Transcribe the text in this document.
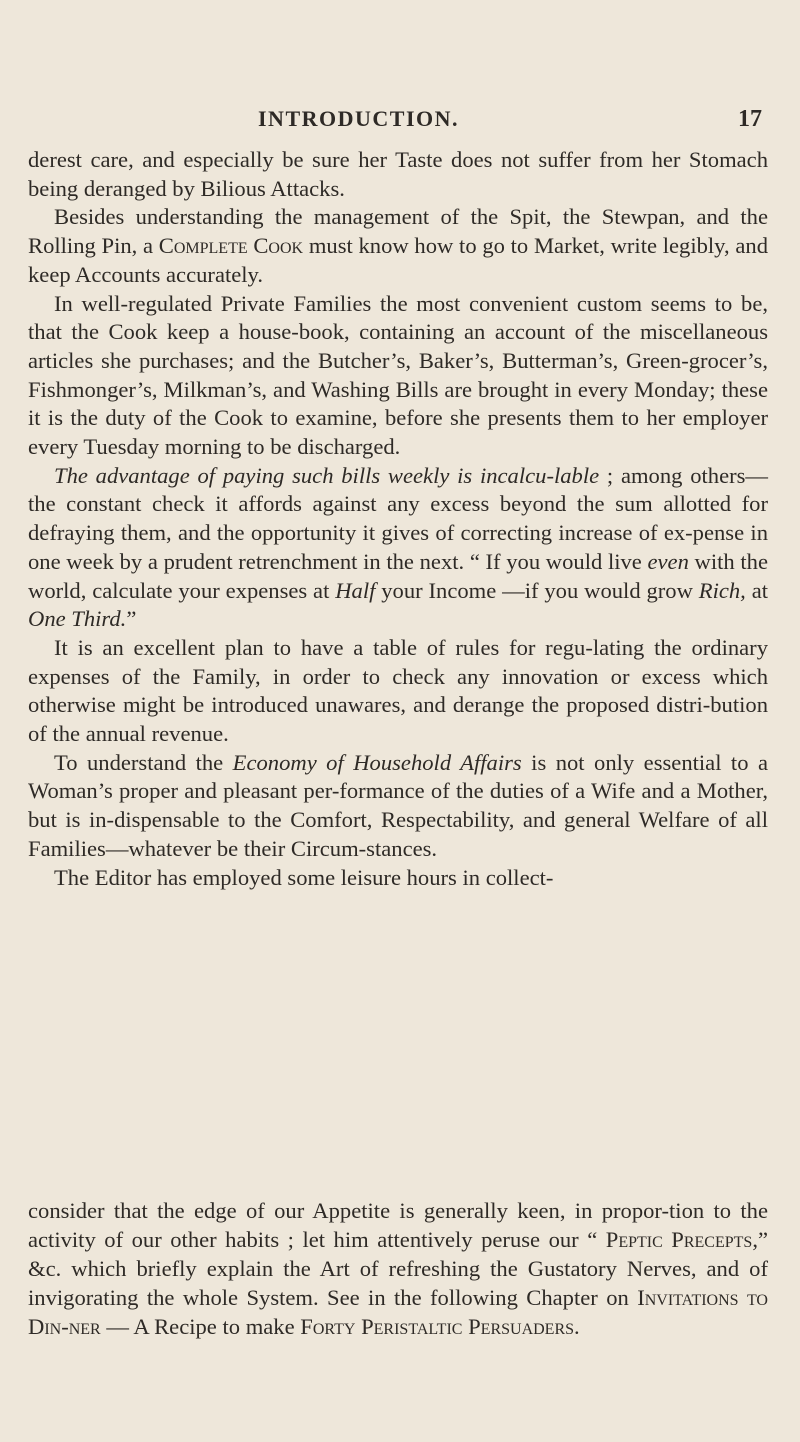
INTRODUCTION.	17

derest care, and especially be sure her Taste does not suffer from her Stomach being deranged by Bilious Attacks.

Besides understanding the management of the Spit, the Stewpan, and the Rolling Pin, a Complete Cook must know how to go to Market, write legibly, and keep Accounts accurately.

In well-regulated Private Families the most convenient custom seems to be, that the Cook keep a house-book, containing an account of the miscellaneous articles she purchases; and the Butcher’s, Baker’s, Butterman’s, Green-grocer’s, Fishmonger’s, Milkman’s, and Washing Bills are brought in every Monday; these it is the duty of the Cook to examine, before she presents them to her employer every Tuesday morning to be discharged.

The advantage of paying such bills weekly is incalcu-lable ; among others—the constant check it affords against any excess beyond the sum allotted for defraying them, and the opportunity it gives of correcting increase of ex-pense in one week by a prudent retrenchment in the next. “ If you would live even with the world, calculate your expenses at Half your Income —if you would grow Rich, at One Third.”

It is an excellent plan to have a table of rules for regu-lating the ordinary expenses of the Family, in order to check any innovation or excess which otherwise might be introduced unawares, and derange the proposed distri-bution of the annual revenue.

To understand the Economy of Household Affairs is not only essential to a Woman’s proper and pleasant per-formance of the duties of a Wife and a Mother, but is in-dispensable to the Comfort, Respectability, and general Welfare of all Families—whatever be their Circum-stances.

The Editor has employed some leisure hours in collect-

consider that the edge of our Appetite is generally keen, in propor-tion to the activity of our other habits ; let him attentively peruse our “ Peptic Precepts,” &c. which briefly explain the Art of refreshing the Gustatory Nerves, and of invigorating the whole System. See in the following Chapter on Invitations to Din-ner — A Recipe to make Forty Peristaltic Persuaders.
